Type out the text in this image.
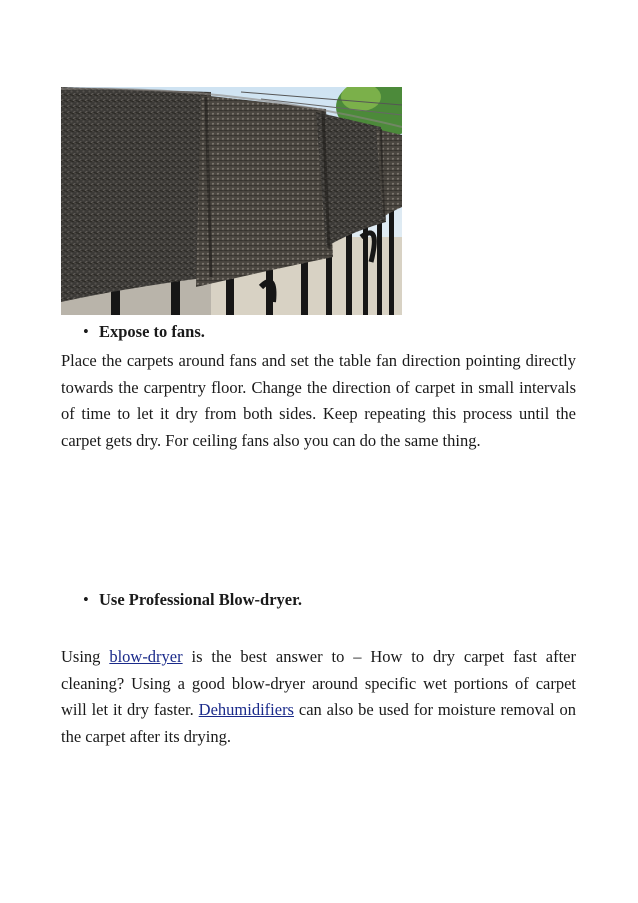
• Expose to fans.
Place the carpets around fans and set the table fan direction pointing directly towards the carpentry floor. Change the direction of carpet in small intervals of time to let it dry from both sides. Keep repeating this process until the carpet gets dry. For ceiling fans also you can do the same thing.
• Use Professional Blow-dryer.
Using blow-dryer is the best answer to – How to dry carpet fast after cleaning? Using a good blow-dryer around specific wet portions of carpet will let it dry faster. Dehumidifiers can also be used for moisture removal on the carpet after its drying.
